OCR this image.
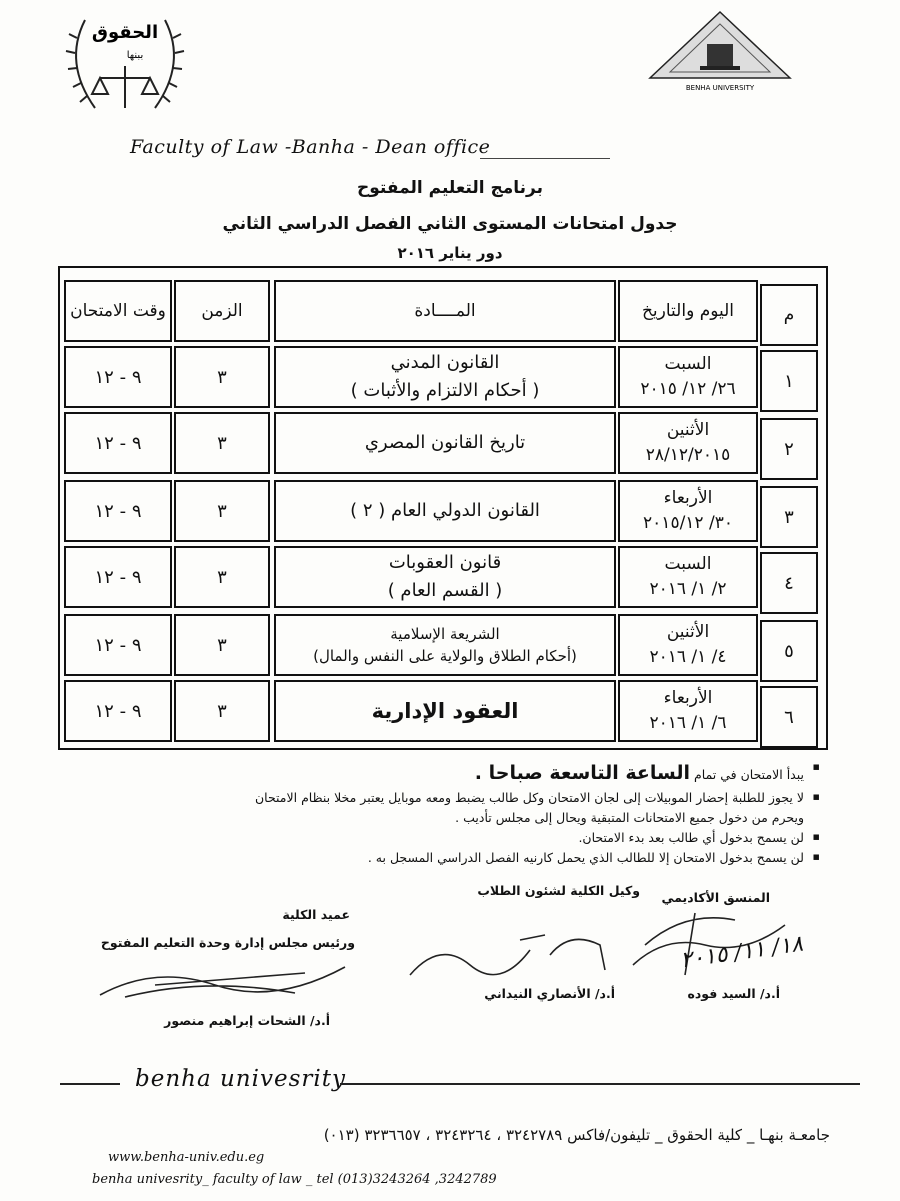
الحقوق
ببنها
BENHA UNIVERSITY
Faculty of Law -Banha - Dean office
برنامج التعليم المفتوح
جدول امتحانات المستوى الثاني الفصل الدراسي الثاني
دور يناير ٢٠١٦
م
اليوم والتاريخ
المــــادة
الزمن
وقت الامتحان
١
السبت
٢٦/ ١٢/ ٢٠١٥
القانون المدني
( أحكام الالتزام والأثبات )
٣
٩ - ١٢
٢
الأثنين
٢٨/١٢/٢٠١٥
تاريخ القانون المصري
٣
٩ - ١٢
٣
الأربعاء
٣٠/ ٢٠١٥/١٢
القانون الدولي العام ( ٢ )
٣
٩ - ١٢
٤
السبت
٢/ ١/ ٢٠١٦
قانون العقوبات
( القسم العام )
٣
٩ - ١٢
٥
الأثنين
٤/ ١/ ٢٠١٦
الشريعة الإسلامية
(أحكام الطلاق والولاية على النفس والمال)
٣
٩ - ١٢
٦
الأربعاء
٦/ ١/ ٢٠١٦
العقود الإدارية
٣
٩ - ١٢

▪ يبدأ الامتحان في تمام الساعة التاسعة صباحا .

▪ لا يجوز للطلبة إحضار الموبيلات إلى لجان الامتحان وكل طالب يضبط ومعه موبايل يعتبر مخلا بنظام الامتحان

ويحرم من دخول جميع الامتحانات المتبقية ويحال إلى مجلس تأديب .

▪ لن يسمح بدخول أي طالب بعد بدء الامتحان.

▪ لن يسمح بدخول الامتحان إلا للطالب الذي يحمل كارنيه الفصل الدراسي المسجل به .

عميد الكلية
ورئيس مجلس إدارة وحدة التعليم المفتوح
أ.د/ الشحات إبراهيم منصور
وكيل الكلية لشئون الطلاب
أ.د/ الأنصاري النيداني
المنسق الأكاديمي
١٨/ ١١/ ٢٠١٥
أ.د/ السيد فوده
benha univesrity
جامعـة بنهـا _ كلية الحقوق _ تليفون/فاكس ٣٢٤٢٧٨٩ ، ٣٢٤٣٢٦٤ ، ٣٢٣٦٦٥٧ (٠١٣)
www.benha-univ.edu.eg
benha univesrity_ faculty of law _ tel (013)3243264 ,3242789
